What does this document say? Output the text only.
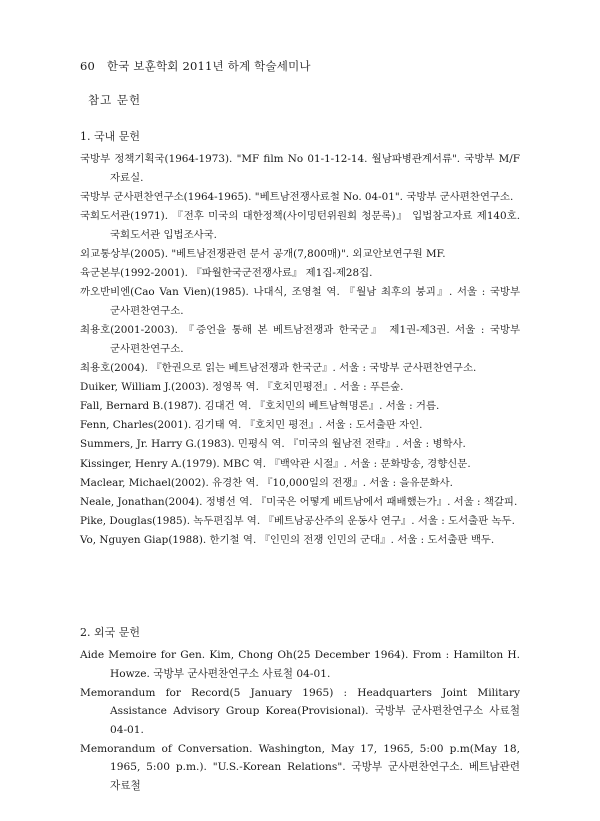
60 한국 보훈학회 2011년 하계 학술세미나
참고 문헌
1. 국내 문헌
국방부 정책기획국(1964-1973). "MF film No 01-1-12-14. 월남파병관계서류". 국방부 M/F 자료실.
국방부 군사편찬연구소(1964-1965). "베트남전쟁사료철 No. 04-01". 국방부 군사편찬연구소.
국회도서관(1971). 『전후 미국의 대한정책(사이밍턴위원회 청문록)』 입법참고자료 제140호. 국회도서관 입법조사국.
외교통상부(2005). "베트남전쟁관련 문서 공개(7,800매)". 외교안보연구원 MF.
육군본부(1992-2001). 『파월한국군전쟁사료』 제1집-제28집.
까오반비엔(Cao Van Vien)(1985). 나대식, 조영철 역. 『월남 최후의 붕괴』. 서울 : 국방부 군사편찬연구소.
최용호(2001-2003). 『증언을 통해 본 베트남전쟁과 한국군』 제1권-제3권. 서울 : 국방부 군사편찬연구소.
최용호(2004). 『한권으로 읽는 베트남전쟁과 한국군』. 서울 : 국방부 군사편찬연구소.
Duiker, William J.(2003). 정영목 역. 『호치민평전』. 서울 : 푸른숲.
Fall, Bernard B.(1987). 김대건 역. 『호치민의 베트남혁명론』. 서울 : 거름.
Fenn, Charles(2001). 김기태 역. 『호치민 평전』. 서울 : 도서출판 자인.
Summers, Jr. Harry G.(1983). 민평식 역. 『미국의 월남전 전략』. 서울 : 병학사.
Kissinger, Henry A.(1979). MBC 역. 『백악관 시절』. 서울 : 문화방송, 경향신문.
Maclear, Michael(2002). 유경찬 역. 『10,000일의 전쟁』. 서울 : 을유문화사.
Neale, Jonathan(2004). 정병선 역. 『미국은 어떻게 베트남에서 패배했는가』. 서울 : 책갈피.
Pike, Douglas(1985). 녹두편집부 역. 『베트남공산주의 운동사 연구』. 서울 : 도서출판 녹두.
Vo, Nguyen Giap(1988). 한기철 역. 『인민의 전쟁 인민의 군대』. 서울 : 도서출판 백두.
2. 외국 문헌
Aide Memoire for Gen. Kim, Chong Oh(25 December 1964). From : Hamilton H. Howze. 국방부 군사편찬연구소 사료철 04-01.
Memorandum for Record(5 January 1965) : Headquarters Joint Military Assistance Advisory Group Korea(Provisional). 국방부 군사편찬연구소 사료철 04-01.
Memorandum of Conversation. Washington, May 17, 1965, 5:00 p.m(May 18, 1965, 5:00 p.m.). "U.S.-Korean Relations". 국방부 군사편찬연구소. 베트남관련 자료철
